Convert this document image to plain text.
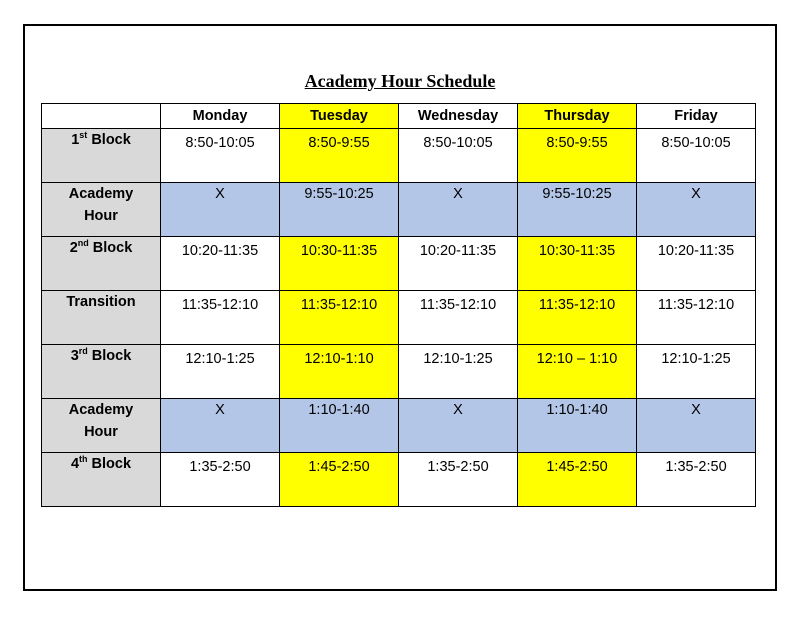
Academy Hour Schedule
	Monday	Tuesday	Wednesday	Thursday	Friday
1st Block	8:50-10:05	8:50-9:55	8:50-10:05	8:50-9:55	8:50-10:05

Academy
Hour	X	9:55-10:25	X	9:55-10:25	X

2nd Block	10:20-11:35	10:30-11:35	10:20-11:35	10:30-11:35	10:20-11:35

Transition	11:35-12:10	11:35-12:10	11:35-12:10	11:35-12:10	11:35-12:10

3rd Block	12:10-1:25	12:10-1:10	12:10-1:25	12:10 – 1:10	12:10-1:25

Academy
Hour	X	1:10-1:40	X	1:10-1:40	X

4th Block	1:35-2:50	1:45-2:50	1:35-2:50	1:45-2:50	1:35-2:50
